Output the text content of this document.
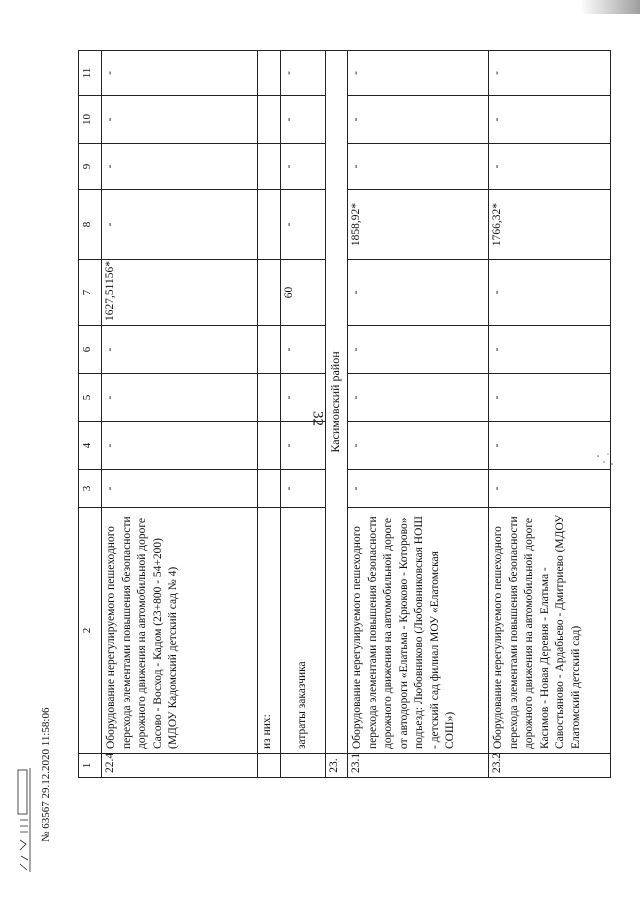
32
1	2	3	4	5	6	7	8	9	10	11
22.4	Оборудование нерегулируемого пешеходного перехода элементами повышения безопасности дорожного движения на автомобильной дороге Сасово - Восход - Кадом (23+800 - 54+200) (МДОУ Кадомский детский сад № 4)	-	-	-	-	1627,51156*	-	-	-	-
	из них:									
	затраты заказчика	-	-	-	-	60	-	-	-	-
23.	Касимовский район									
23.1	Оборудование нерегулируемого пешеходного перехода элементами повышения безопасности дорожного движения на автомобильной дороге от автодороги «Елатьма - Крюково - Которово» подъезд: Любовниково (Любовниковская НОШ - детский сад филиал МОУ «Елатомская СОШ»)	-	-	-	-	-	1858,92*	-	-	-
23.2	Оборудование нерегулируемого пешеходного перехода элементами повышения безопасности дорожного движения на автомобильной дороге Касимов - Новая Деревня - Елатьма - Савостьяново - Ардабьево - Дмитриево (МДОУ Елатомский детский сад)	-	-	-	-	-	1766,32*	-	-	-
№ 63567 29.12.2020 11:58:06
